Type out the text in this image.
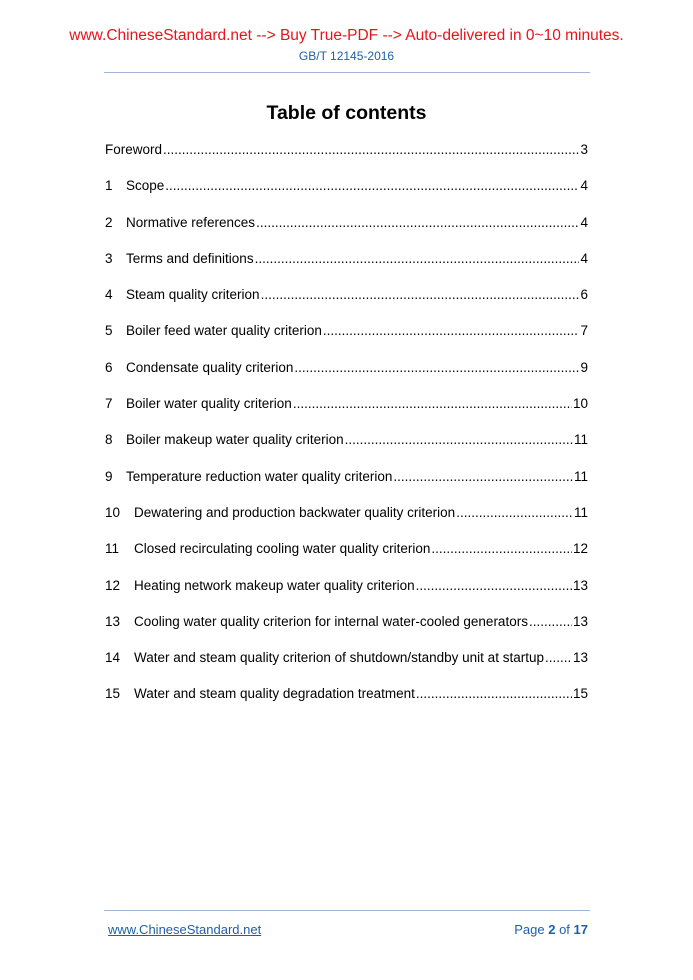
www.ChineseStandard.net --> Buy True-PDF --> Auto-delivered in 0~10 minutes.
GB/T 12145-2016
Table of contents
Foreword .....	3
1 Scope .....	4
2 Normative references .....	4
3 Terms and definitions .....	4
4 Steam quality criterion .....	6
5 Boiler feed water quality criterion .....	7
6 Condensate quality criterion .....	9
7 Boiler water quality criterion .....	10
8 Boiler makeup water quality criterion .....	11
9 Temperature reduction water quality criterion .....	11
10	Dewatering and production backwater quality criterion .....	11
11	Closed recirculating cooling water quality criterion .....	12
12	Heating network makeup water quality criterion .....	13
13	Cooling water quality criterion for internal water-cooled generators .....	13
14	Water and steam quality criterion of shutdown/standby unit at startup ..... 13
15	Water and steam quality degradation treatment .....	15
www.ChineseStandard.net	Page 2 of 17
